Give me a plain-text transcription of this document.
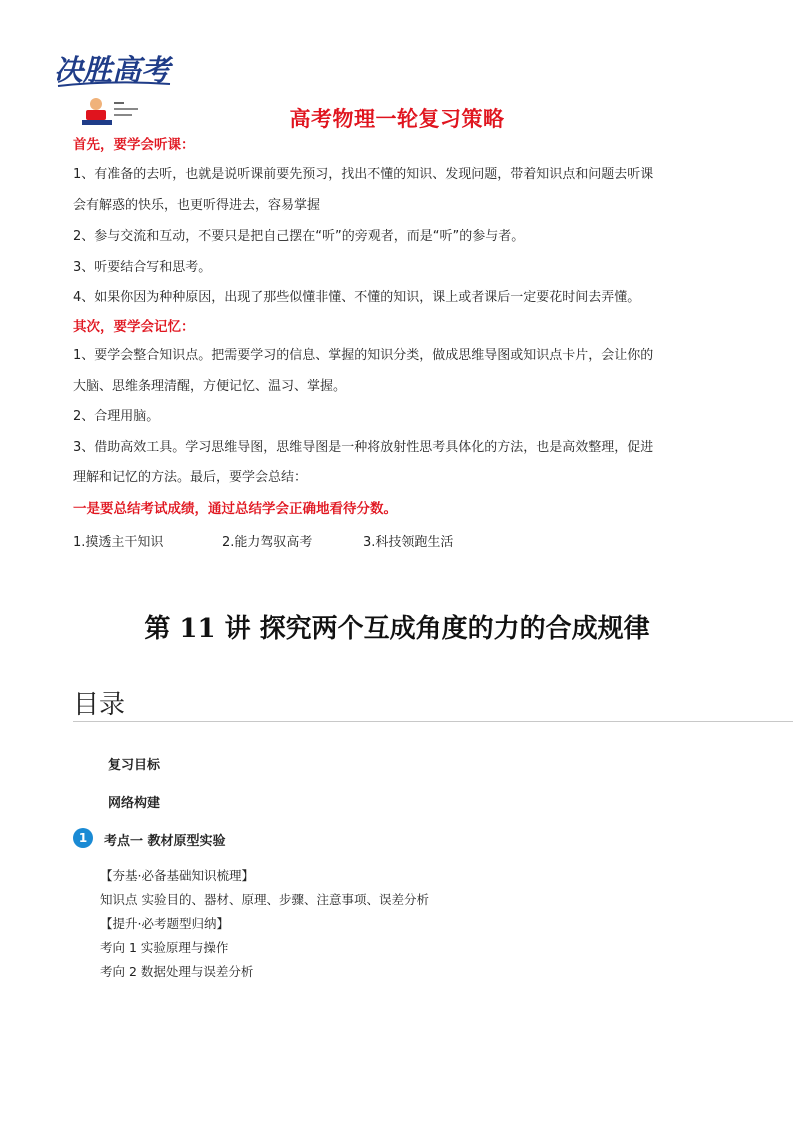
决胜高考
高考物理一轮复习策略

首先，要学会听课：

1、有准备的去听，也就是说听课前要先预习，找出不懂的知识、发现问题，带着知识点和问题去听课

会有解惑的快乐，也更听得进去，容易掌握

2、参与交流和互动，不要只是把自己摆在“听”的旁观者，而是“听”的参与者。

3、听要结合写和思考。

4、如果你因为种种原因，出现了那些似懂非懂、不懂的知识，课上或者课后一定要花时间去弄懂。

其次，要学会记忆：

1、要学会整合知识点。把需要学习的信息、掌握的知识分类，做成思维导图或知识点卡片，会让你的

大脑、思维条理清醒，方便记忆、温习、掌握。

2、合理用脑。

3、借助高效工具。学习思维导图，思维导图是一种将放射性思考具体化的方法，也是高效整理，促进

理解和记忆的方法。最后，要学会总结：

一是要总结考试成绩，通过总结学会正确地看待分数。

1.摸透主干知识	2.能力驾驭高考	3.科技领跑生活
第 11 讲 探究两个互成角度的力的合成规律
目录
复习目标
网络构建
1	考点一 教材原型实验
【夯基·必备基础知识梳理】
知识点 实验目的、器材、原理、步骤、注意事项、误差分析
【提升·必考题型归纳】
考向 1 实验原理与操作
考向 2 数据处理与误差分析
